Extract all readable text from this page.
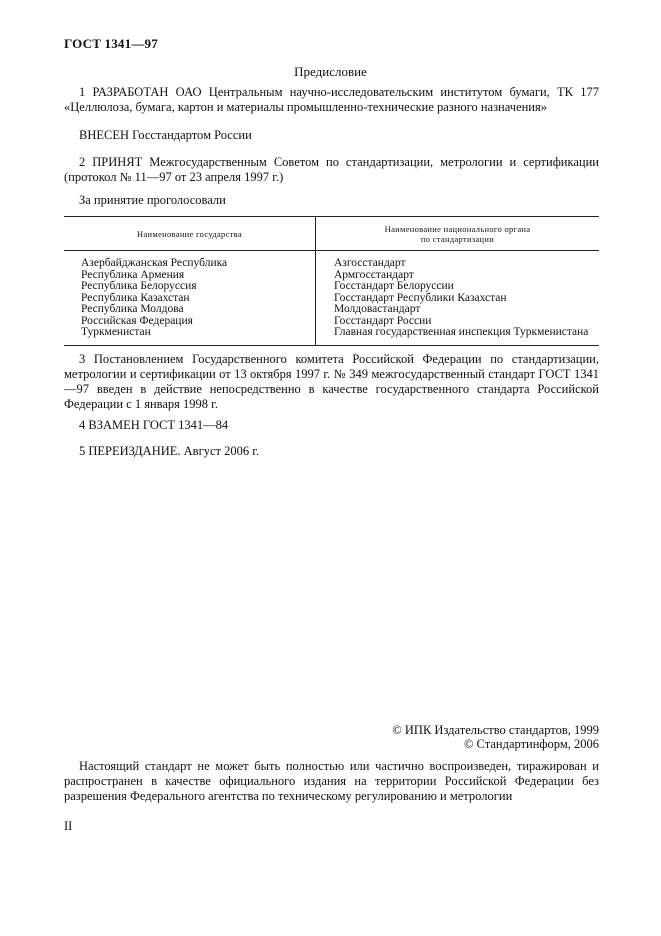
ГОСТ 1341—97
Предисловие
1 РАЗРАБОТАН ОАО Центральным научно-исследовательским институтом бумаги, ТК 177 «Целлюлоза, бумага, картон и материалы промышленно-технические разного назначения»
ВНЕСЕН Госстандартом России
2 ПРИНЯТ Межгосударственным Советом по стандартизации, метрологии и сертификации (протокол № 11—97 от 23 апреля 1997 г.)
За принятие проголосовали
Наименование государства	Наименование национального органа
по стандартизации
Азербайджанская Республика
Республика Армения
Республика Белоруссия
Республика Казахстан
Республика Молдова
Российская Федерация
Туркменистан
Азгосстандарт
Армгосстандарт
Госстандарт Белоруссии
Госстандарт Республики Казахстан
Молдовастандарт
Госстандарт России
Главная государственная инспекция Туркменистана
3 Постановлением Государственного комитета Российской Федерации по стандартизации, метрологии и сертификации от 13 октября 1997 г. № 349 межгосударственный стандарт ГОСТ 1341—97 введен в действие непосредственно в качестве государственного стандарта Российской Федерации с 1 января 1998 г.
4 ВЗАМЕН ГОСТ 1341—84
5 ПЕРЕИЗДАНИЕ. Август 2006 г.
© ИПК Издательство стандартов, 1999
© Стандартинформ, 2006
Настоящий стандарт не может быть полностью или частично воспроизведен, тиражирован и распространен в качестве официального издания на территории Российской Федерации без разрешения Федерального агентства по техническому регулированию и метрологии
II
